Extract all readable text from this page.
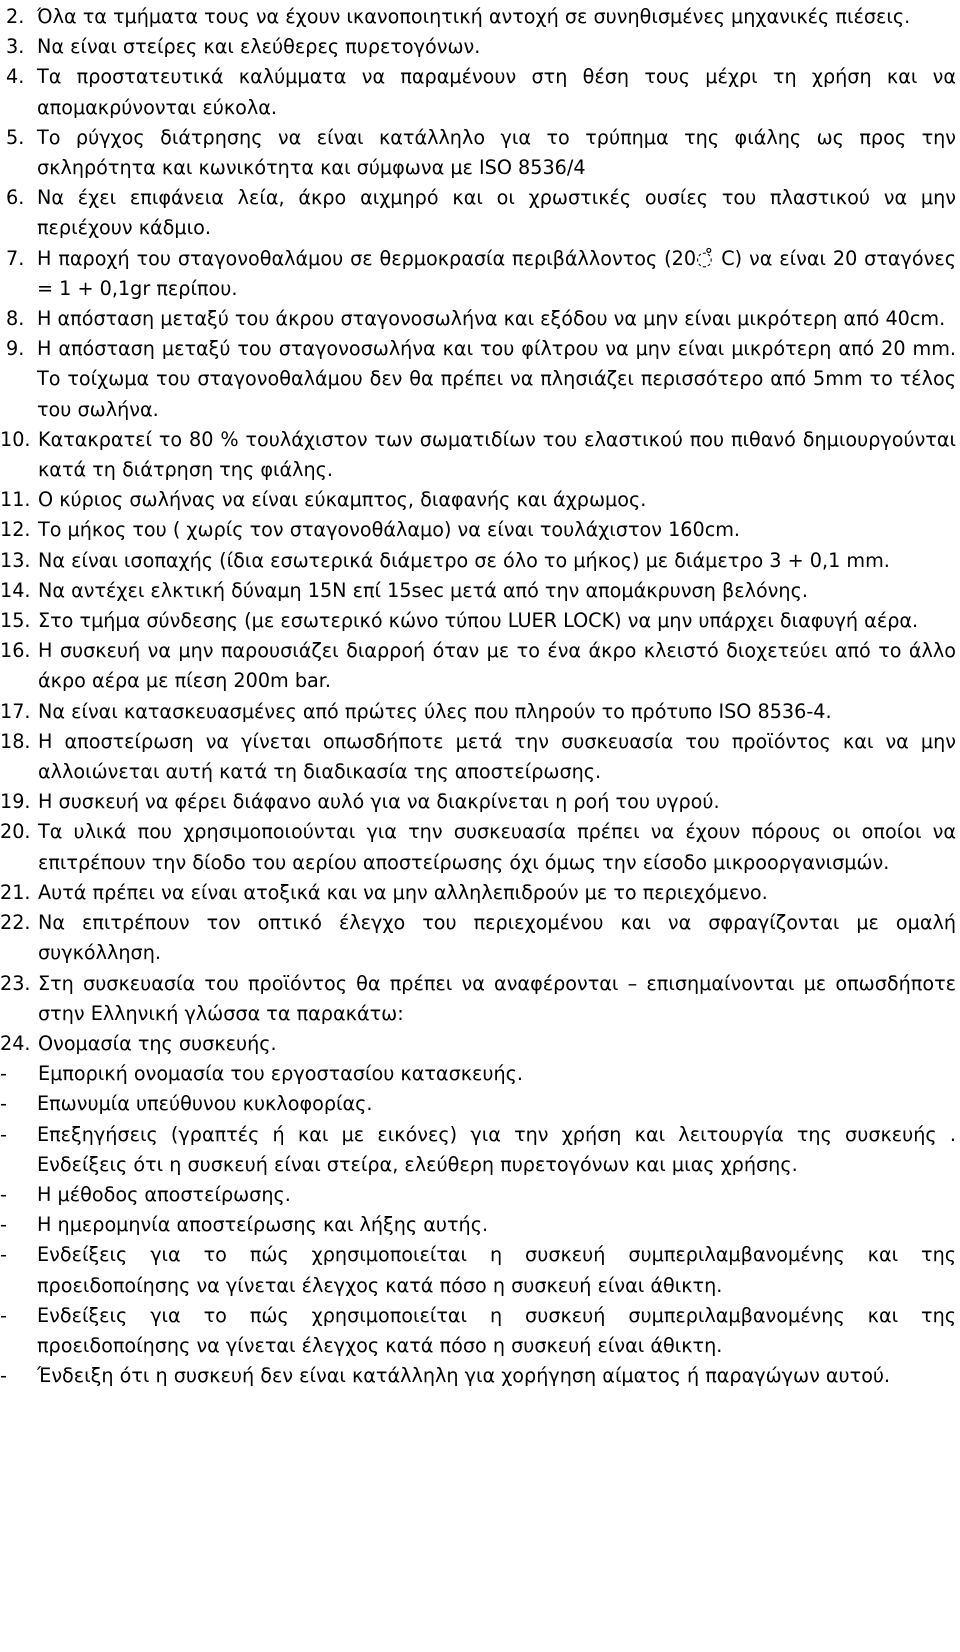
2. Όλα τα τμήματα τους να έχουν ικανοποιητική αντοχή σε συνηθισμένες μηχανικές πιέσεις.
3. Να είναι στείρες και ελεύθερες πυρετογόνων.
4. Τα προστατευτικά καλύμματα να παραμένουν στη θέση τους μέχρι τη χρήση και να απομακρύνονται εύκολα.
5. Το ρύγχος διάτρησης να είναι κατάλληλο για το τρύπημα της φιάλης ως προς την σκληρότητα και κωνικότητα και σύμφωνα με ISO 8536/4
6. Να έχει επιφάνεια λεία, άκρο αιχμηρό και οι χρωστικές ουσίες του πλαστικού να μην περιέχουν κάδμιο.
7. Η παροχή του σταγονοθαλάμου σε θερμοκρασία περιβάλλοντος (20◌̊ C) να είναι 20 σταγόνες = 1 + 0,1gr περίπου.
8. Η απόσταση μεταξύ του άκρου σταγονοσωλήνα και εξόδου να μην είναι μικρότερη από 40cm.
9. Η απόσταση μεταξύ του σταγονοσωλήνα και του φίλτρου να μην είναι μικρότερη από 20 mm. Το τοίχωμα του σταγονοθαλάμου δεν θα πρέπει να πλησιάζει περισσότερο από 5mm το τέλος του σωλήνα.
10. Κατακρατεί το 80 % τουλάχιστον των σωματιδίων του ελαστικού που πιθανό δημιουργούνται κατά τη διάτρηση της φιάλης.
11. Ο κύριος σωλήνας να είναι εύκαμπτος, διαφανής και άχρωμος.
12. Το μήκος του ( χωρίς τον σταγονοθάλαμο) να είναι τουλάχιστον 160cm.
13. Να είναι ισοπαχής (ίδια εσωτερικά διάμετρο σε όλο το μήκος) με διάμετρο 3 + 0,1 mm.
14. Να αντέχει ελκτική δύναμη 15Ν επί 15sec μετά από την απομάκρυνση βελόνης.
15. Στο τμήμα σύνδεσης (με εσωτερικό κώνο τύπου LUER LOCK) να μην υπάρχει διαφυγή αέρα.
16. Η συσκευή να μην παρουσιάζει διαρροή όταν με το ένα άκρο κλειστό διοχετεύει από το άλλο άκρο αέρα με πίεση 200m bar.
17. Να είναι κατασκευασμένες από πρώτες ύλες που πληρούν το πρότυπο ISO 8536-4.
18. Η αποστείρωση να γίνεται οπωσδήποτε μετά την συσκευασία του προϊόντος και να μην αλλοιώνεται αυτή κατά τη διαδικασία της αποστείρωσης.
19. Η συσκευή να φέρει διάφανο αυλό για να διακρίνεται η ροή του υγρού.
20. Τα υλικά που χρησιμοποιούνται για την συσκευασία πρέπει να έχουν πόρους οι οποίοι να επιτρέπουν την δίοδο του αερίου αποστείρωσης όχι όμως την είσοδο μικροοργανισμών.
21. Αυτά πρέπει να είναι ατοξικά και να μην αλληλεπιδρούν με το περιεχόμενο.
22. Να επιτρέπουν τον οπτικό έλεγχο του περιεχομένου και να σφραγίζονται με ομαλή συγκόλληση.
23. Στη συσκευασία του προϊόντος θα πρέπει να αναφέρονται – επισημαίνονται με οπωσδήποτε στην Ελληνική γλώσσα τα παρακάτω:
24. Ονομασία της συσκευής.
-	Εμπορική ονομασία του εργοστασίου κατασκευής.
-	Επωνυμία υπεύθυνου κυκλοφορίας.
-	Επεξηγήσεις (γραπτές ή και με εικόνες) για την χρήση και λειτουργία της συσκευής . Ενδείξεις ότι η συσκευή είναι στείρα, ελεύθερη πυρετογόνων και μιας χρήσης.
-	Η μέθοδος αποστείρωσης.
-	Η ημερομηνία αποστείρωσης και λήξης αυτής.
-	Ενδείξεις για το πώς χρησιμοποιείται η συσκευή συμπεριλαμβανομένης και της προειδοποίησης να γίνεται έλεγχος κατά πόσο η συσκευή είναι άθικτη.
-	Ενδείξεις για το πώς χρησιμοποιείται η συσκευή συμπεριλαμβανομένης και της προειδοποίησης να γίνεται έλεγχος κατά πόσο η συσκευή είναι άθικτη.
-	Ένδειξη ότι η συσκευή δεν είναι κατάλληλη για χορήγηση αίματος ή παραγώγων αυτού.
